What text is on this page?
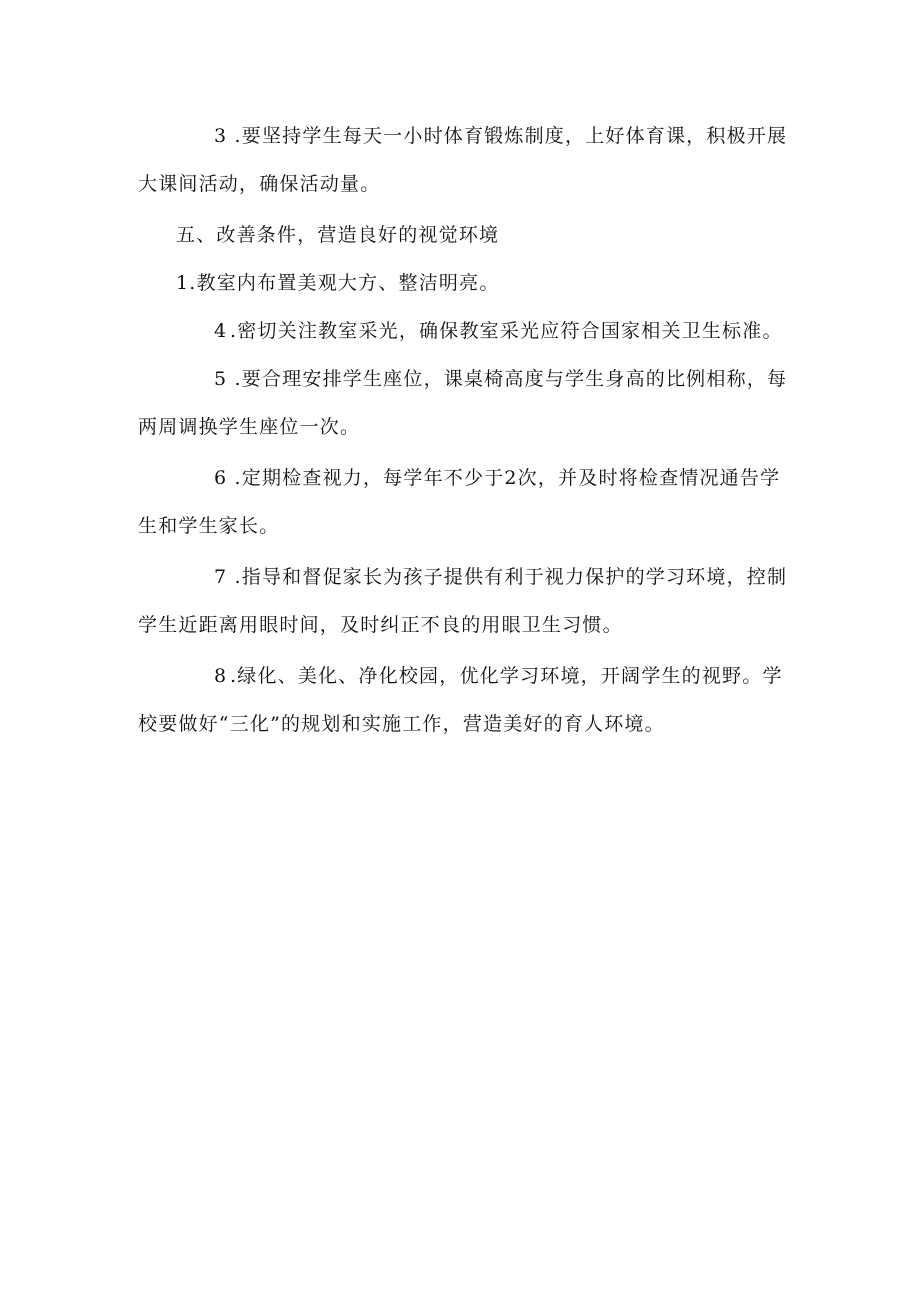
3 .要坚持学生每天一小时体育锻炼制度，上好体育课，积极开展大课间活动，确保活动量。

五、改善条件，营造良好的视觉环境

1.教室内布置美观大方、整洁明亮。

4 .密切关注教室采光，确保教室采光应符合国家相关卫生标准。

5 .要合理安排学生座位，课桌椅高度与学生身高的比例相称，每两周调换学生座位一次。

6 .定期检查视力，每学年不少于2次，并及时将检查情况通告学生和学生家长。

7 .指导和督促家长为孩子提供有利于视力保护的学习环境，控制学生近距离用眼时间，及时纠正不良的用眼卫生习惯。

8 .绿化、美化、净化校园，优化学习环境，开阔学生的视野。学校要做好“三化”的规划和实施工作，营造美好的育人环境。
